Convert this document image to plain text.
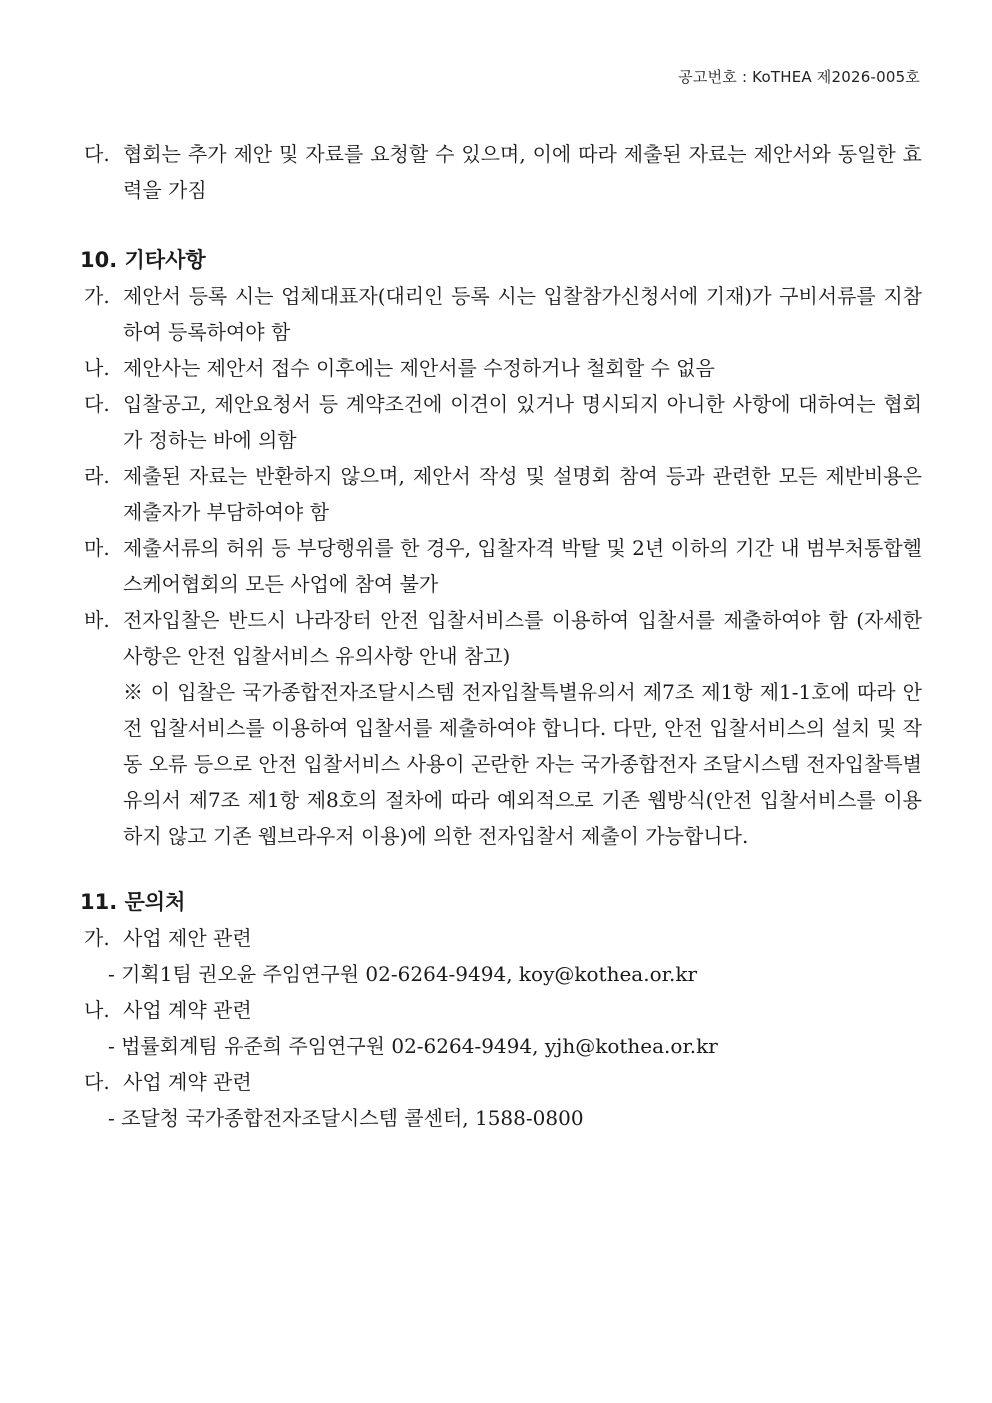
공고번호 : KoTHEA 제2026-005호

다. 협회는 추가 제안 및 자료를 요청할 수 있으며, 이에 따라 제출된 자료는 제안서와 동일한 효력을 가짐

10. 기타사항

가. 제안서 등록 시는 업체대표자(대리인 등록 시는 입찰참가신청서에 기재)가 구비서류를 지참하여 등록하여야 함

나. 제안사는 제안서 접수 이후에는 제안서를 수정하거나 철회할 수 없음

다. 입찰공고, 제안요청서 등 계약조건에 이견이 있거나 명시되지 아니한 사항에 대하여는 협회가 정하는 바에 의함

라. 제출된 자료는 반환하지 않으며, 제안서 작성 및 설명회 참여 등과 관련한 모든 제반비용은 제출자가 부담하여야 함

마. 제출서류의 허위 등 부당행위를 한 경우, 입찰자격 박탈 및 2년 이하의 기간 내 범부처통합헬스케어협회의 모든 사업에 참여 불가

바. 전자입찰은 반드시 나라장터 안전 입찰서비스를 이용하여 입찰서를 제출하여야 함 (자세한 사항은 안전 입찰서비스 유의사항 안내 참고)

※ 이 입찰은 국가종합전자조달시스템 전자입찰특별유의서 제7조 제1항 제1-1호에 따라 안전 입찰서비스를 이용하여 입찰서를 제출하여야 합니다. 다만, 안전 입찰서비스의 설치 및 작동 오류 등으로 안전 입찰서비스 사용이 곤란한 자는 국가종합전자 조달시스템 전자입찰특별유의서 제7조 제1항 제8호의 절차에 따라 예외적으로 기존 웹방식(안전 입찰서비스를 이용하지 않고 기존 웹브라우저 이용)에 의한 전자입찰서 제출이 가능합니다.

11. 문의처

가. 사업 제안 관련

- 기획1팀 권오윤 주임연구원 02-6264-9494, koy@kothea.or.kr

나. 사업 계약 관련

- 법률회계팀 유준희 주임연구원 02-6264-9494, yjh@kothea.or.kr

다. 사업 계약 관련

- 조달청 국가종합전자조달시스템 콜센터, 1588-0800
